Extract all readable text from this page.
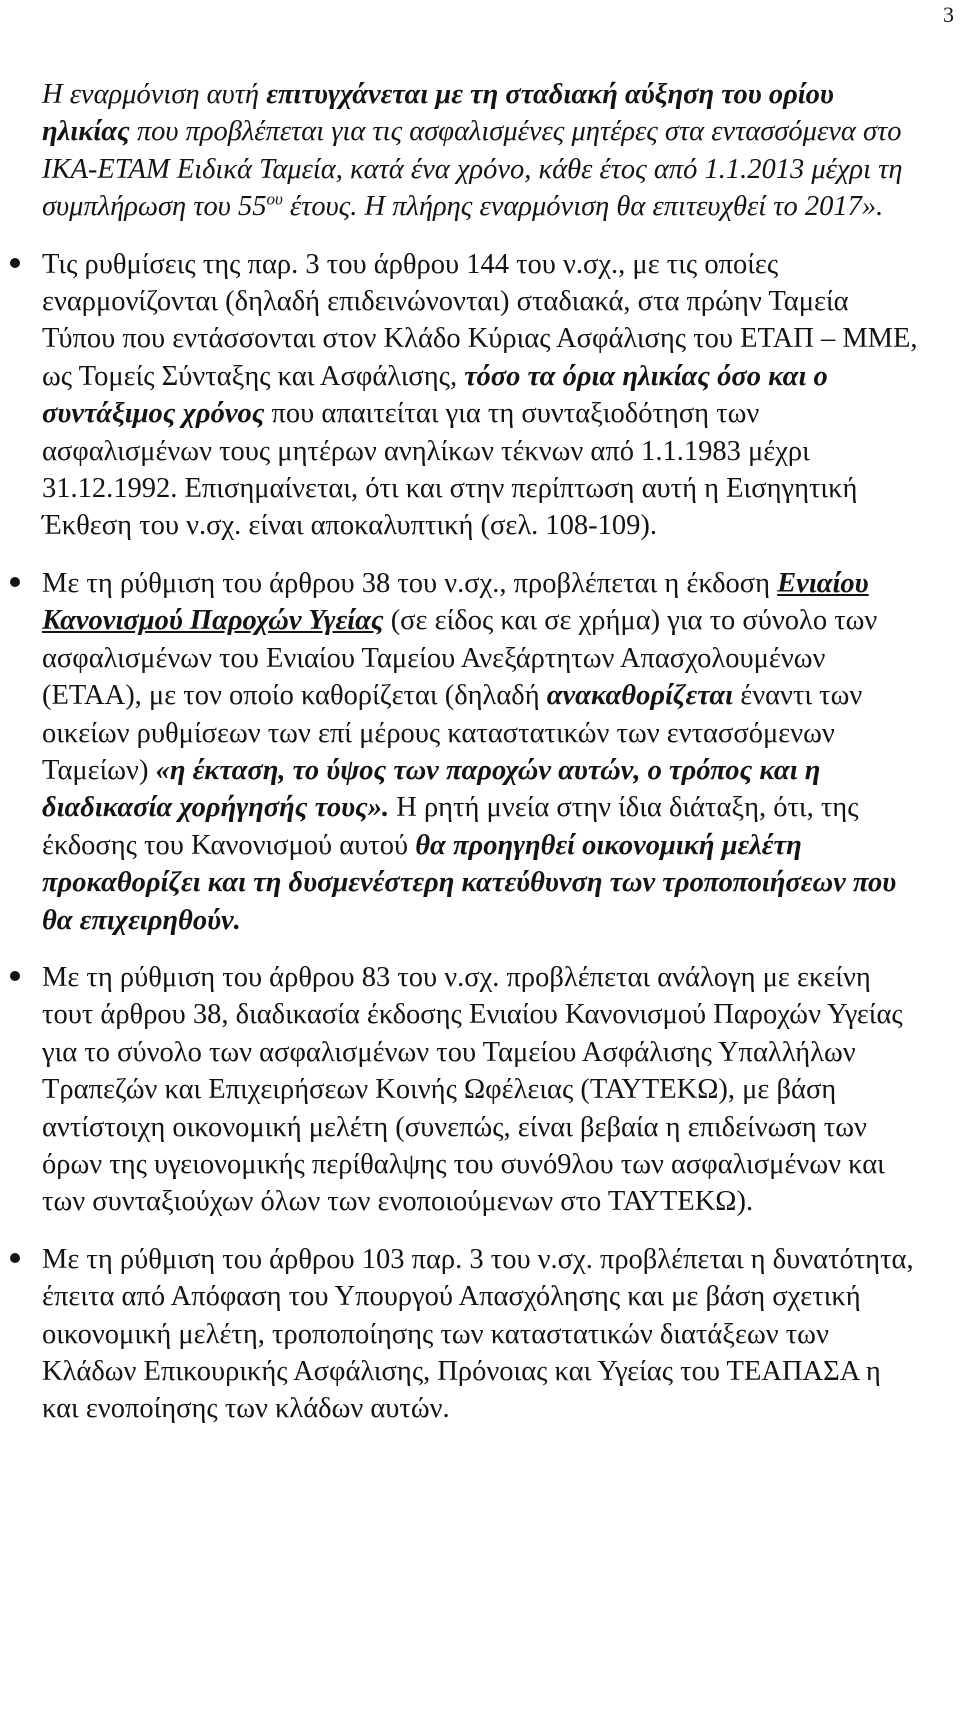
3

Η εναρμόνιση αυτή επιτυγχάνεται με τη σταδιακή αύξηση του ορίου ηλικίας που προβλέπεται για τις ασφαλισμένες μητέρες στα εντασσόμενα στο ΙΚΑ-ΕΤΑΜ Ειδικά Ταμεία, κατά ένα χρόνο, κάθε έτος από 1.1.2013 μέχρι τη συμπλήρωση του $55^{o\upsilon}$ έτους. Η πλήρης εναρμόνιση θα επιτευχθεί το 2017».

Τις ρυθμίσεις της παρ. 3 του άρθρου 144 του ν.σχ., με τις οποίες εναρμονίζονται (δηλαδή επιδεινώνονται) σταδιακά, στα πρώην Ταμεία Τύπου που εντάσσονται στον Κλάδο Κύριας Ασφάλισης του ΕΤΑΠ – ΜΜΕ, ως Τομείς Σύνταξης και Ασφάλισης, τόσο τα όρια ηλικίας όσο και ο συντάξιμος χρόνος που απαιτείται για τη συνταξιοδότηση των ασφαλισμένων τους μητέρων ανηλίκων τέκνων από 1.1.1983 μέχρι 31.12.1992. Επισημαίνεται, ότι και στην περίπτωση αυτή η Εισηγητική Έκθεση του ν.σχ. είναι αποκαλυπτική (σελ. 108-109).
Με τη ρύθμιση του άρθρου 38 του ν.σχ., προβλέπεται η έκδοση Ενιαίου Κανονισμού Παροχών Υγείας (σε είδος και σε χρήμα) για το σύνολο των ασφαλισμένων του Ενιαίου Ταμείου Ανεξάρτητων Απασχολουμένων (ΕΤΑΑ), με τον οποίο καθορίζεται (δηλαδή ανακαθορίζεται έναντι των οικείων ρυθμίσεων των επί μέρους καταστατικών των εντασσόμενων Ταμείων) «η έκταση, το ύψος των παροχών αυτών, ο τρόπος και η διαδικασία χορήγησής τους». Η ρητή μνεία στην ίδια διάταξη, ότι, της έκδοσης του Κανονισμού αυτού θα προηγηθεί οικονομική μελέτη προκαθορίζει και τη δυσμενέστερη κατεύθυνση των τροποποιήσεων που θα επιχειρηθούν.
Με τη ρύθμιση του άρθρου 83 του ν.σχ. προβλέπεται ανάλογη με εκείνη τουτ άρθρου 38, διαδικασία έκδοσης Ενιαίου Κανονισμού Παροχών Υγείας για το σύνολο των ασφαλισμένων του Ταμείου Ασφάλισης Υπαλλήλων Τραπεζών και Επιχειρήσεων Κοινής Ωφέλειας (ΤΑΥΤΕΚΩ), με βάση αντίστοιχη οικονομική μελέτη (συνεπώς, είναι βεβαία η επιδείνωση των όρων της υγειονομικής περίθαλψης του συνό9λου των ασφαλισμένων και των συνταξιούχων όλων των ενοποιούμενων στο ΤΑΥΤΕΚΩ).
Με τη ρύθμιση του άρθρου 103 παρ. 3 του ν.σχ. προβλέπεται η δυνατότητα, έπειτα από Απόφαση του Υπουργού Απασχόλησης και με βάση σχετική οικονομική μελέτη, τροποποίησης των καταστατικών διατάξεων των Κλάδων Επικουρικής Ασφάλισης, Πρόνοιας και Υγείας του ΤΕΑΠΑΣΑ η και ενοποίησης των κλάδων αυτών.
